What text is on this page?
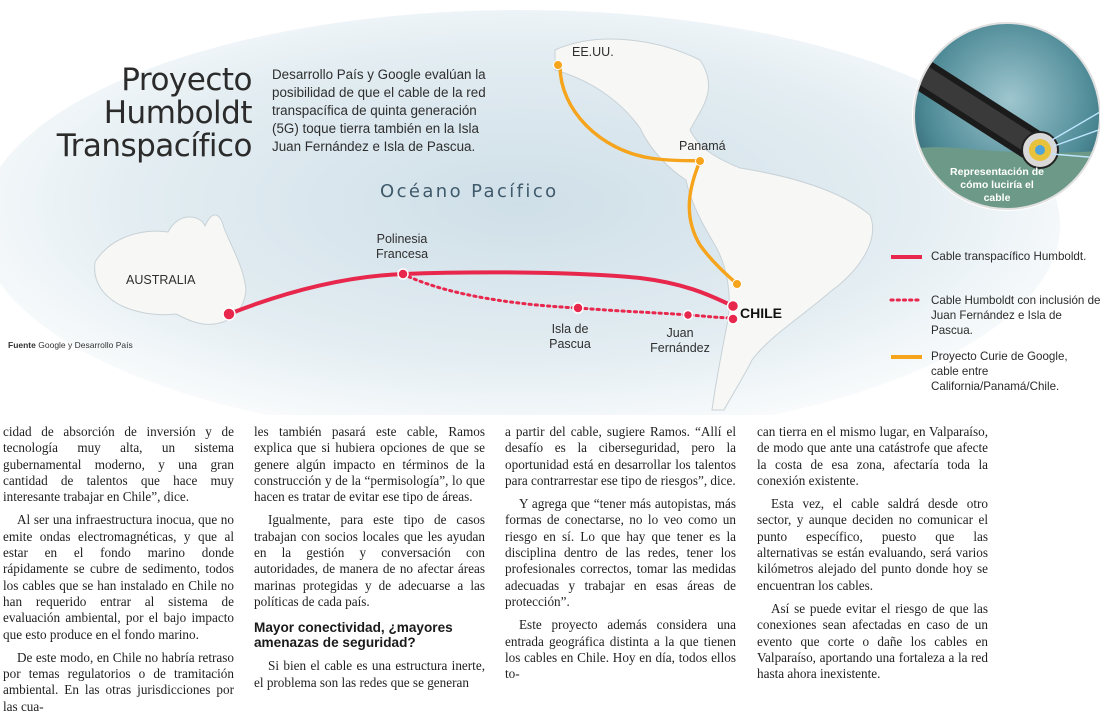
Proyecto Humboldt
Transpacífico
Desarrollo País y Google evalúan la posibilidad de que el cable de la red transpacífica de quinta generación (5G) toque tierra también en la Isla Juan Fernández e Isla de Pascua.
Océano Pacífico
AUSTRALIA
Polinesia
Francesa
Isla de
Pascua
Juan
Fernández
CHILE
Panamá
EE.UU.
Fuente Google y Desarrollo País
Representación de cómo luciría el cable
Cable transpacífico Humboldt.
Cable Humboldt con inclusión de Juan Fernández e Isla de Pascua.
Proyecto Curie de Google, cable entre California/Panamá/Chile.

cidad de absorción de inversión y de tecnología muy alta, un sistema gubernamental moderno, y una gran cantidad de talentos que hace muy interesante trabajar en Chile”, dice.

Al ser una infraestructura inocua, que no emite ondas electromagnéticas, y que al estar en el fondo marino donde rápidamente se cubre de sedimento, todos los cables que se han instalado en Chile no han requerido entrar al sistema de evaluación ambiental, por el bajo impacto que esto produce en el fondo marino.

De este modo, en Chile no habría retraso por temas regulatorios o de tramitación ambiental. En las otras jurisdicciones por las cua-

les también pasará este cable, Ramos explica que si hubiera opciones de que se genere algún impacto en términos de la construcción y de la “permisología”, lo que hacen es tratar de evitar ese tipo de áreas.

Igualmente, para este tipo de casos trabajan con socios locales que les ayudan en la gestión y conversación con autoridades, de manera de no afectar áreas marinas protegidas y de adecuarse a las políticas de cada país.

Mayor conectividad, ¿mayores amenazas de seguridad?

Si bien el cable es una estructura inerte, el problema son las redes que se generan

a partir del cable, sugiere Ramos. “Allí el desafío es la ciberseguridad, pero la oportunidad está en desarrollar los talentos para contrarrestar ese tipo de riesgos”, dice.

Y agrega que “tener más autopistas, más formas de conectarse, no lo veo como un riesgo en sí. Lo que hay que tener es la disciplina dentro de las redes, tener los profesionales correctos, tomar las medidas adecuadas y trabajar en esas áreas de protección”.

Este proyecto además considera una entrada geográfica distinta a la que tienen los cables en Chile. Hoy en día, todos ellos to-

can tierra en el mismo lugar, en Valparaíso, de modo que ante una catástrofe que afecte la costa de esa zona, afectaría toda la conexión existente.

Esta vez, el cable saldrá desde otro sector, y aunque deciden no comunicar el punto específico, puesto que las alternativas se están evaluando, será varios kilómetros alejado del punto donde hoy se encuentran los cables.

Así se puede evitar el riesgo de que las conexiones sean afectadas en caso de un evento que corte o dañe los cables en Valparaíso, aportando una fortaleza a la red hasta ahora inexistente.
